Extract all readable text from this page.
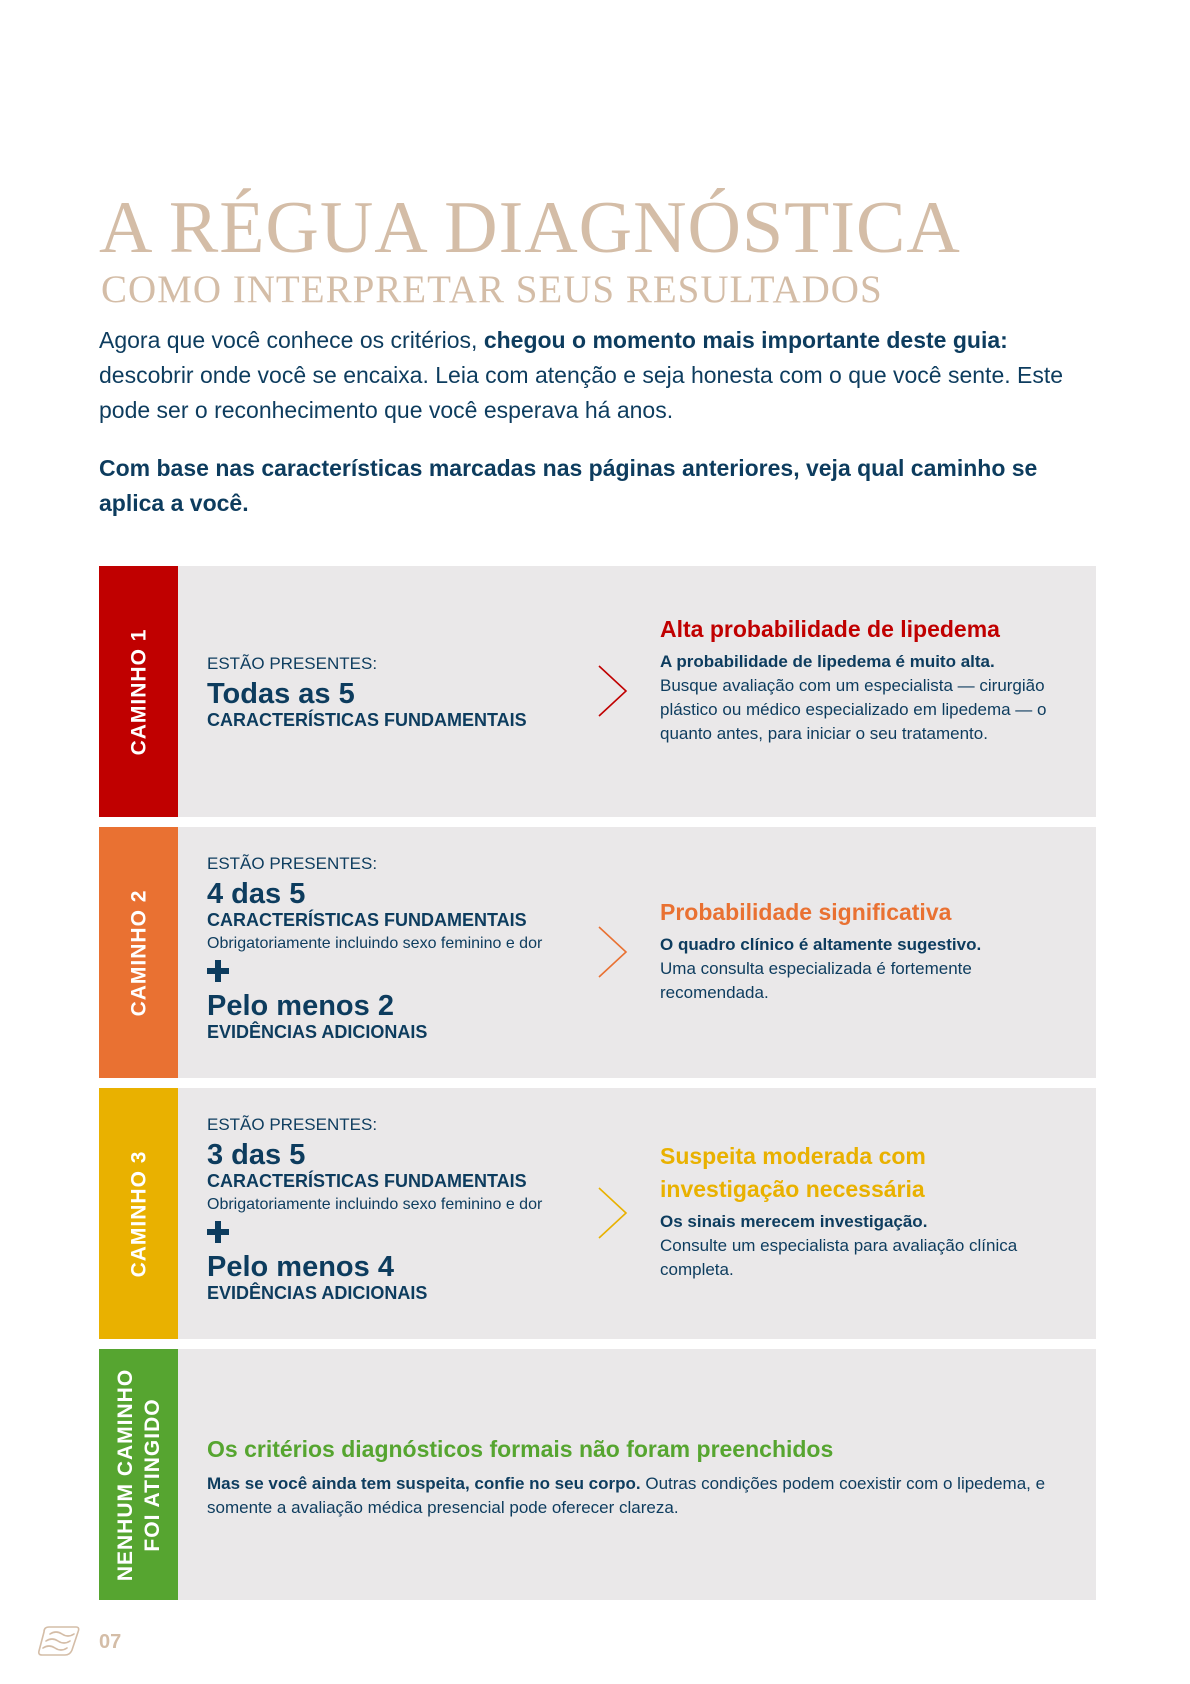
A RÉGUA DIAGNÓSTICA
COMO INTERPRETAR SEUS RESULTADOS

Agora que você conhece os critérios, chegou o momento mais importante deste guia: descobrir onde você se encaixa. Leia com atenção e seja honesta com o que você sente. Este pode ser o reconhecimento que você esperava há anos.

Com base nas características marcadas nas páginas anteriores, veja qual caminho se aplica a você.

CAMINHO 1	ESTÃO PRESENTES:
Todas as 5
CARACTERÍSTICAS FUNDAMENTAIS
Alta probabilidade de lipedema
A probabilidade de lipedema é muito alta.
Busque avaliação com um especialista — cirurgião plástico ou médico especializado em lipedema — o quanto antes, para iniciar o seu tratamento.
CAMINHO 2
ESTÃO PRESENTES:
4 das 5
CARACTERÍSTICAS FUNDAMENTAIS
Obrigatoriamente incluindo sexo feminino e dor
Pelo menos 2
EVIDÊNCIAS ADICIONAIS
Probabilidade significativa
O quadro clínico é altamente sugestivo.
Uma consulta especializada é fortemente recomendada.
CAMINHO 3
ESTÃO PRESENTES:
3 das 5
CARACTERÍSTICAS FUNDAMENTAIS
Obrigatoriamente incluindo sexo feminino e dor
Pelo menos 4
EVIDÊNCIAS ADICIONAIS
Suspeita moderada com investigação necessária
Os sinais merecem investigação.
Consulte um especialista para avaliação clínica completa.
NENHUM CAMINHO FOI ATINGIDO Os critérios diagnósticos formais não foram preenchidos
Mas se você ainda tem suspeita, confie no seu corpo. Outras condições podem coexistir com o lipedema, e somente a avaliação médica presencial pode oferecer clareza.
07
